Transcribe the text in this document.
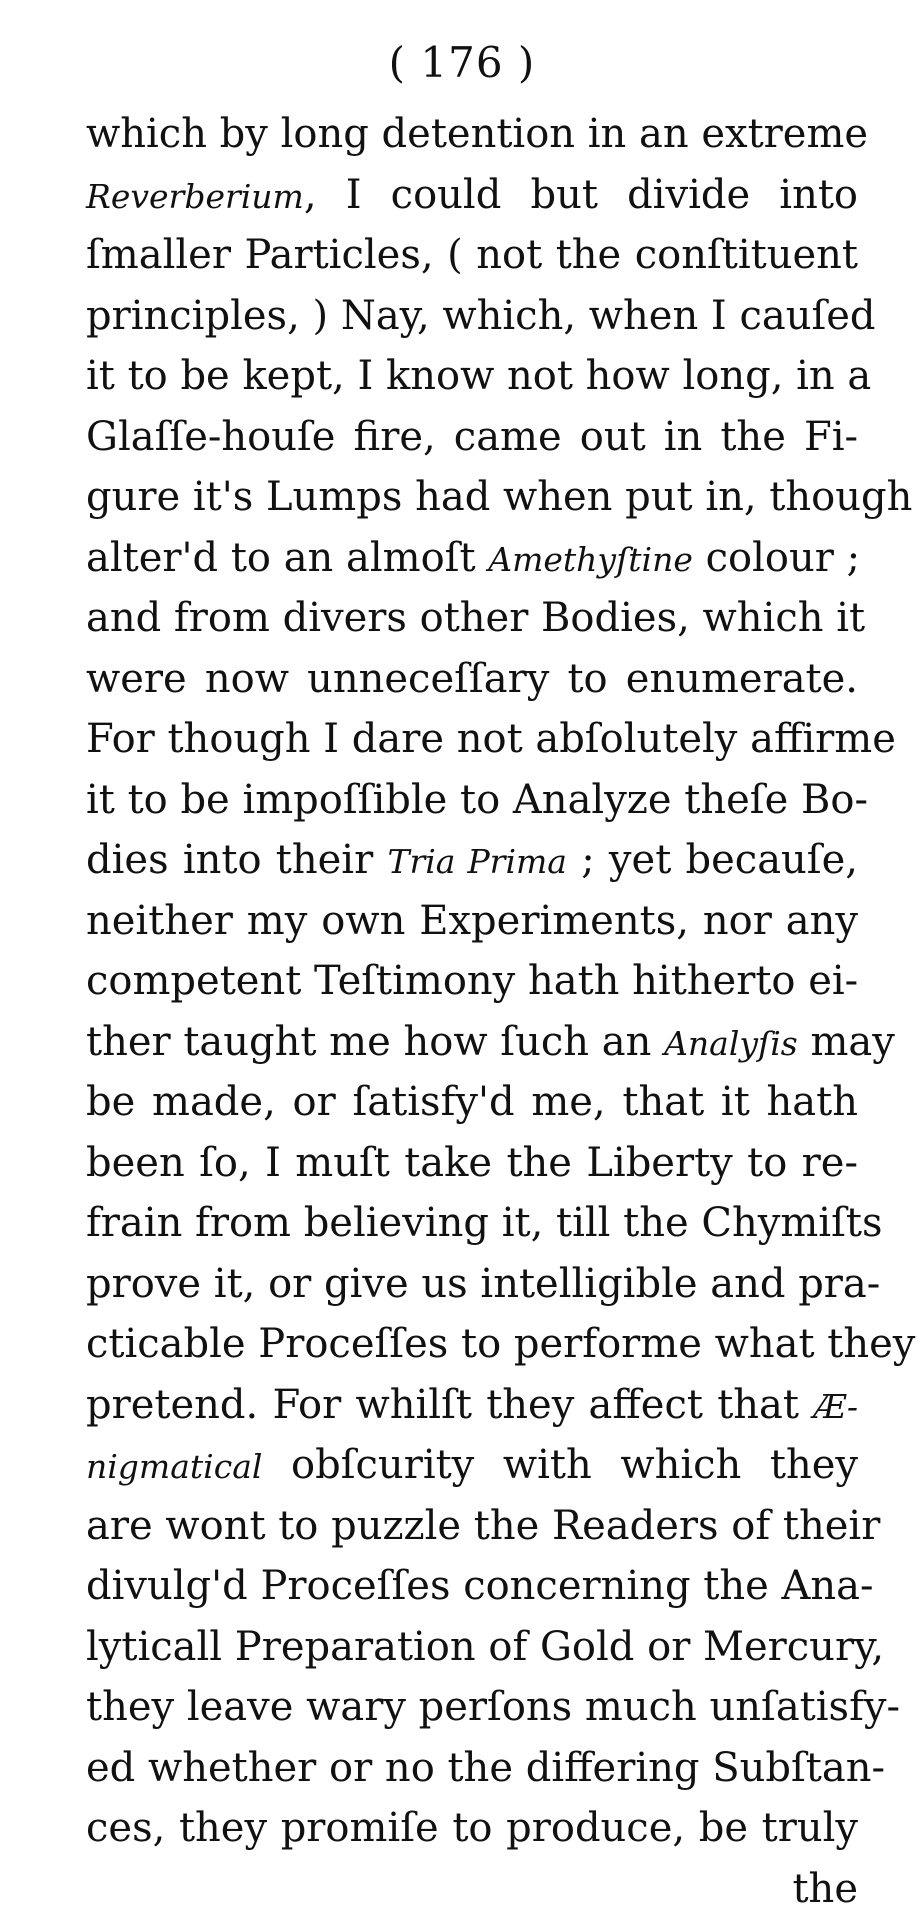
( 176 )
which by long detention in an extreme
Reverberium, I could but divide into
ſmaller Particles, ( not the conſtituent
principles, ) Nay, which, when I cauſed
it to be kept, I know not how long, in a
Glaſſe-houſe fire, came out in the Fi-
gure it's Lumps had when put in, though
alter'd to an almoſt Amethyſtine colour ;
and from divers other Bodies, which it
were now unneceſſary to enumerate.
For though I dare not abſolutely affirme
it to be impoſſible to Analyze theſe Bo-
dies into their Tria Prima ; yet becauſe,
neither my own Experiments, nor any
competent Teſtimony hath hitherto ei-
ther taught me how ſuch an Analyſis may
be made, or ſatisfy'd me, that it hath
been ſo, I muſt take the Liberty to re-
frain from believing it, till the Chymiſts
prove it, or give us intelligible and pra-
cticable Proceſſes to performe what they
pretend. For whilſt they affect that Æ-
nigmatical obſcurity with which they
are wont to puzzle the Readers of their
divulg'd Proceſſes concerning the Ana-
lyticall Preparation of Gold or Mercury,
they leave wary perſons much unſatisfy-
ed whether or no the differing Subſtan-
ces, they promiſe to produce, be truly
the
